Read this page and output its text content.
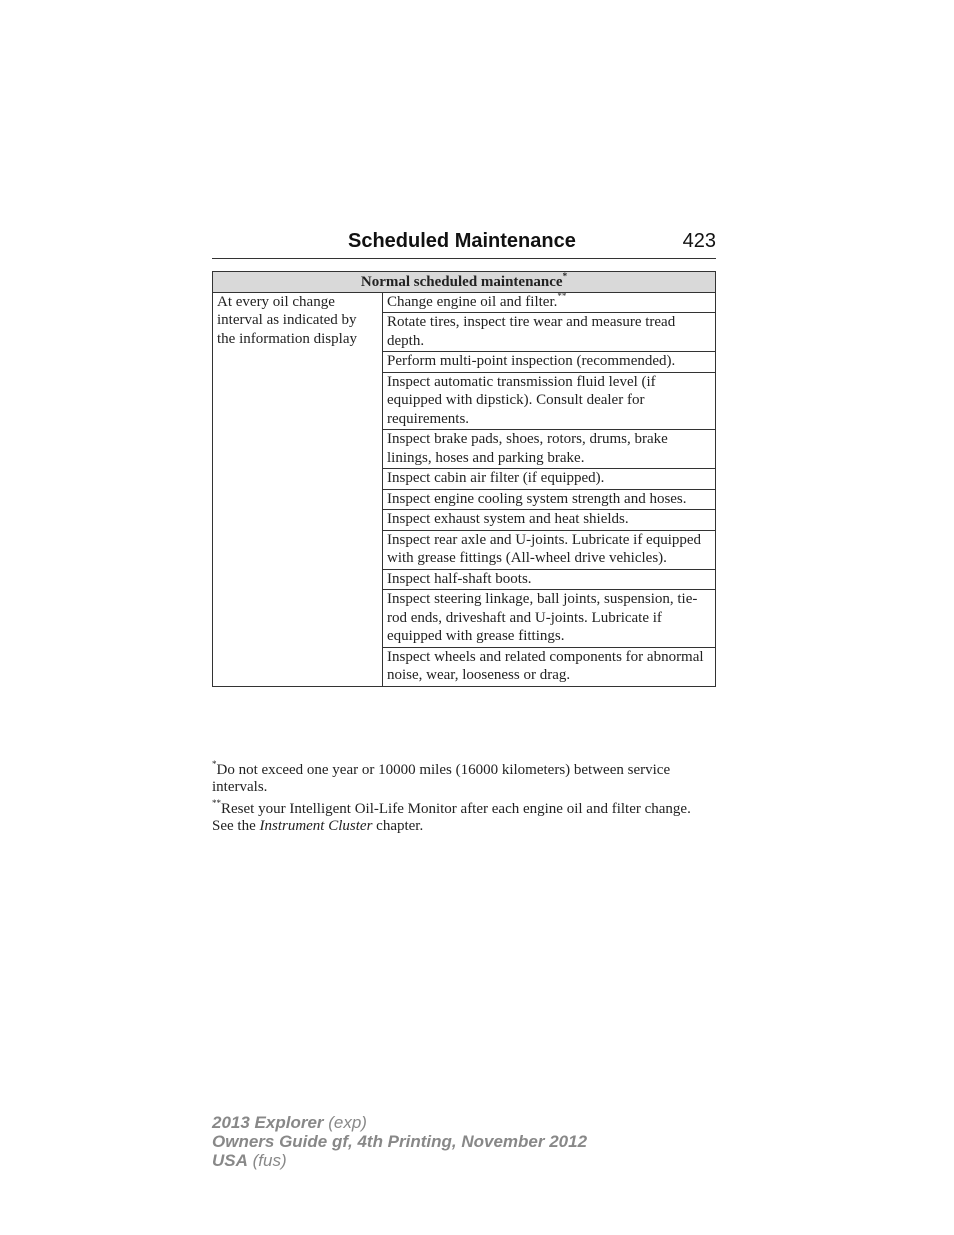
Scheduled Maintenance	423
Normal scheduled maintenance*
At every oil change interval as indicated by the information display	Change engine oil and filter.**
Rotate tires, inspect tire wear and measure tread depth.
Perform multi-point inspection (recommended).
Inspect automatic transmission fluid level (if equipped with dipstick). Consult dealer for requirements.
Inspect brake pads, shoes, rotors, drums, brake linings, hoses and parking brake.
Inspect cabin air filter (if equipped).
Inspect engine cooling system strength and hoses.
Inspect exhaust system and heat shields.
Inspect rear axle and U-joints. Lubricate if equipped with grease fittings (All-wheel drive vehicles).
Inspect half-shaft boots.
Inspect steering linkage, ball joints, suspension, tie-rod ends, driveshaft and U-joints. Lubricate if equipped with grease fittings.
Inspect wheels and related components for abnormal noise, wear, looseness or drag.

*Do not exceed one year or 10000 miles (16000 kilometers) between service intervals.

**Reset your Intelligent Oil-Life Monitor after each engine oil and filter change. See the Instrument Cluster chapter.

2013 Explorer (exp)
Owners Guide gf, 4th Printing, November 2012
USA (fus)
